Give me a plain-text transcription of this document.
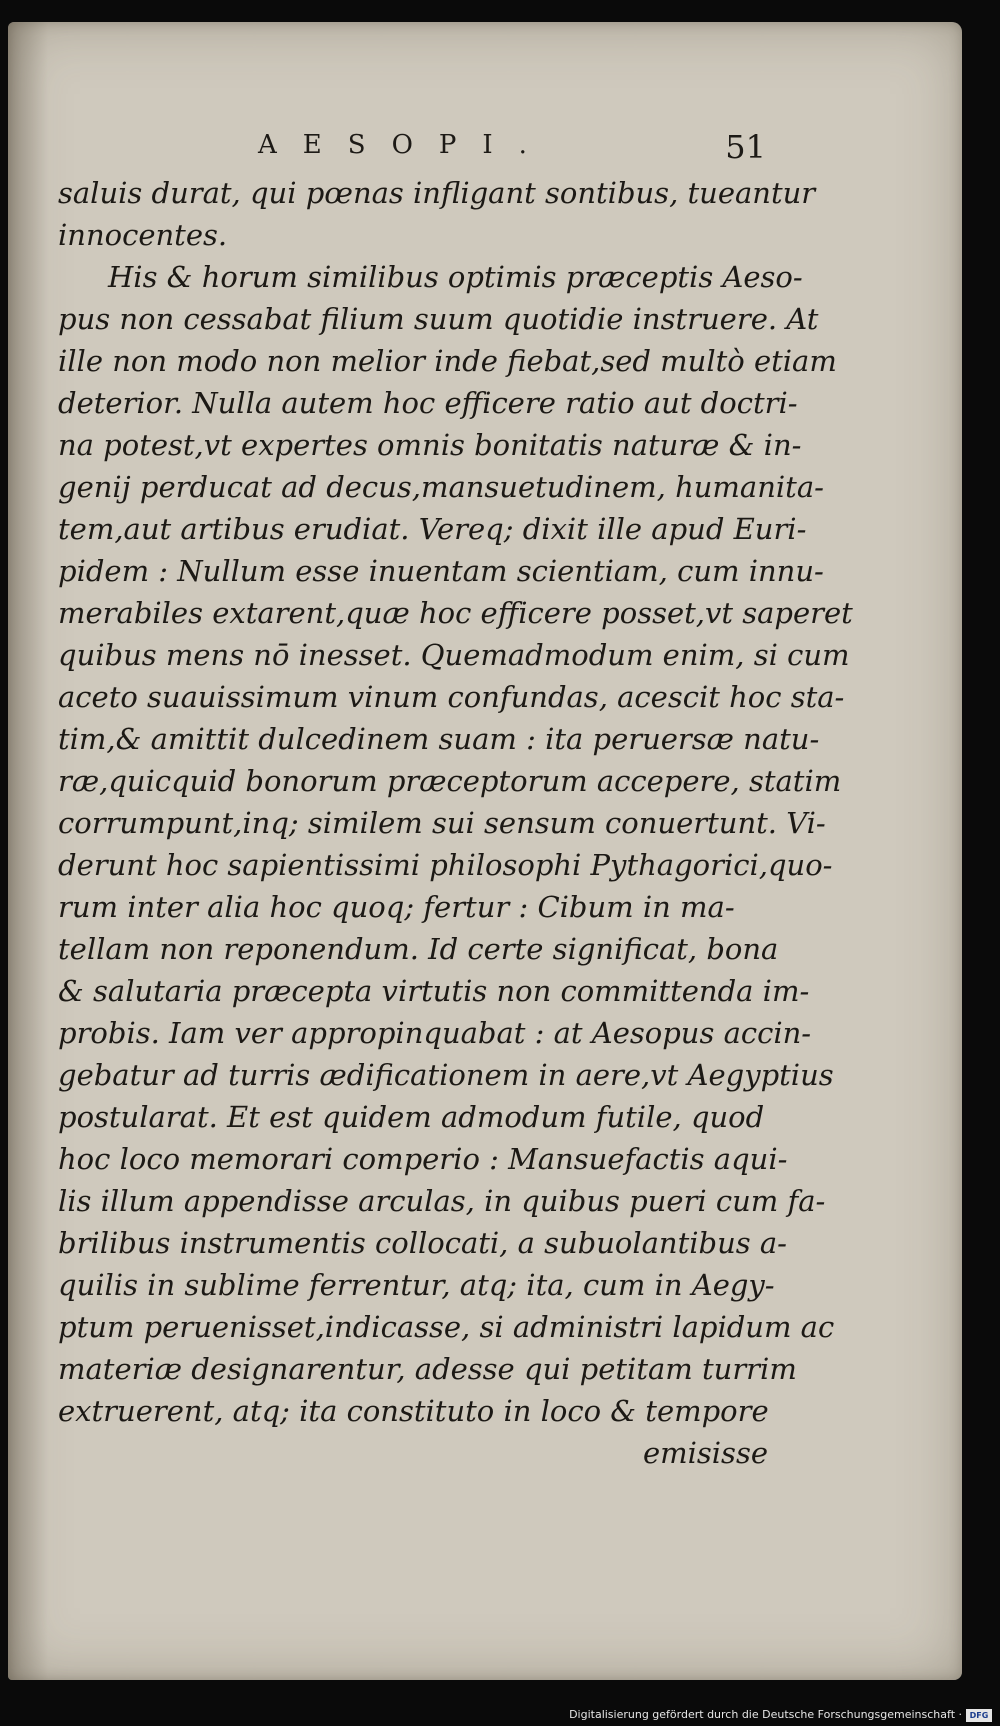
AESOPI.	51
saluis durat, qui pœnas infligant sontibus, tueantur
innocentes.
His & horum similibus optimis præceptis Aeso-
pus non cessabat filium suum quotidie instruere. At
ille non modo non melior inde fiebat,sed multò etiam
deterior. Nulla autem hoc efficere ratio aut doctri-
na potest,vt expertes omnis bonitatis naturæ & in-
genij perducat ad decus,mansuetudinem, humanita-
tem,aut artibus erudiat. Vereq; dixit ille apud Euri-
pidem : Nullum esse inuentam scientiam, cum innu-
merabiles extarent,quæ hoc efficere posset,vt saperet
quibus mens nō inesset. Quemadmodum enim, si cum
aceto suauissimum vinum confundas, acescit hoc sta-
tim,& amittit dulcedinem suam : ita peruersæ natu-
ræ,quicquid bonorum præceptorum accepere, statim
corrumpunt,inq; similem sui sensum conuertunt. Vi-
derunt hoc sapientissimi philosophi Pythagorici,quo-
rum inter alia hoc quoq; fertur : Cibum in ma-
tellam non reponendum. Id certe significat, bona
& salutaria præcepta virtutis non committenda im-
probis. Iam ver appropinquabat : at Aesopus accin-
gebatur ad turris ædificationem in aere,vt Aegyptius
postularat. Et est quidem admodum futile, quod
hoc loco memorari comperio : Mansuefactis aqui-
lis illum appendisse arculas, in quibus pueri cum fa-
brilibus instrumentis collocati, a subuolantibus a-
quilis in sublime ferrentur, atq; ita, cum in Aegy-
ptum peruenisset,indicasse, si administri lapidum ac
materiæ designarentur, adesse qui petitam turrim
extruerent, atq; ita constituto in loco & tempore
emisisse
Digitalisierung gefördert durch die Deutsche Forschungsgemeinschaft · DFG
